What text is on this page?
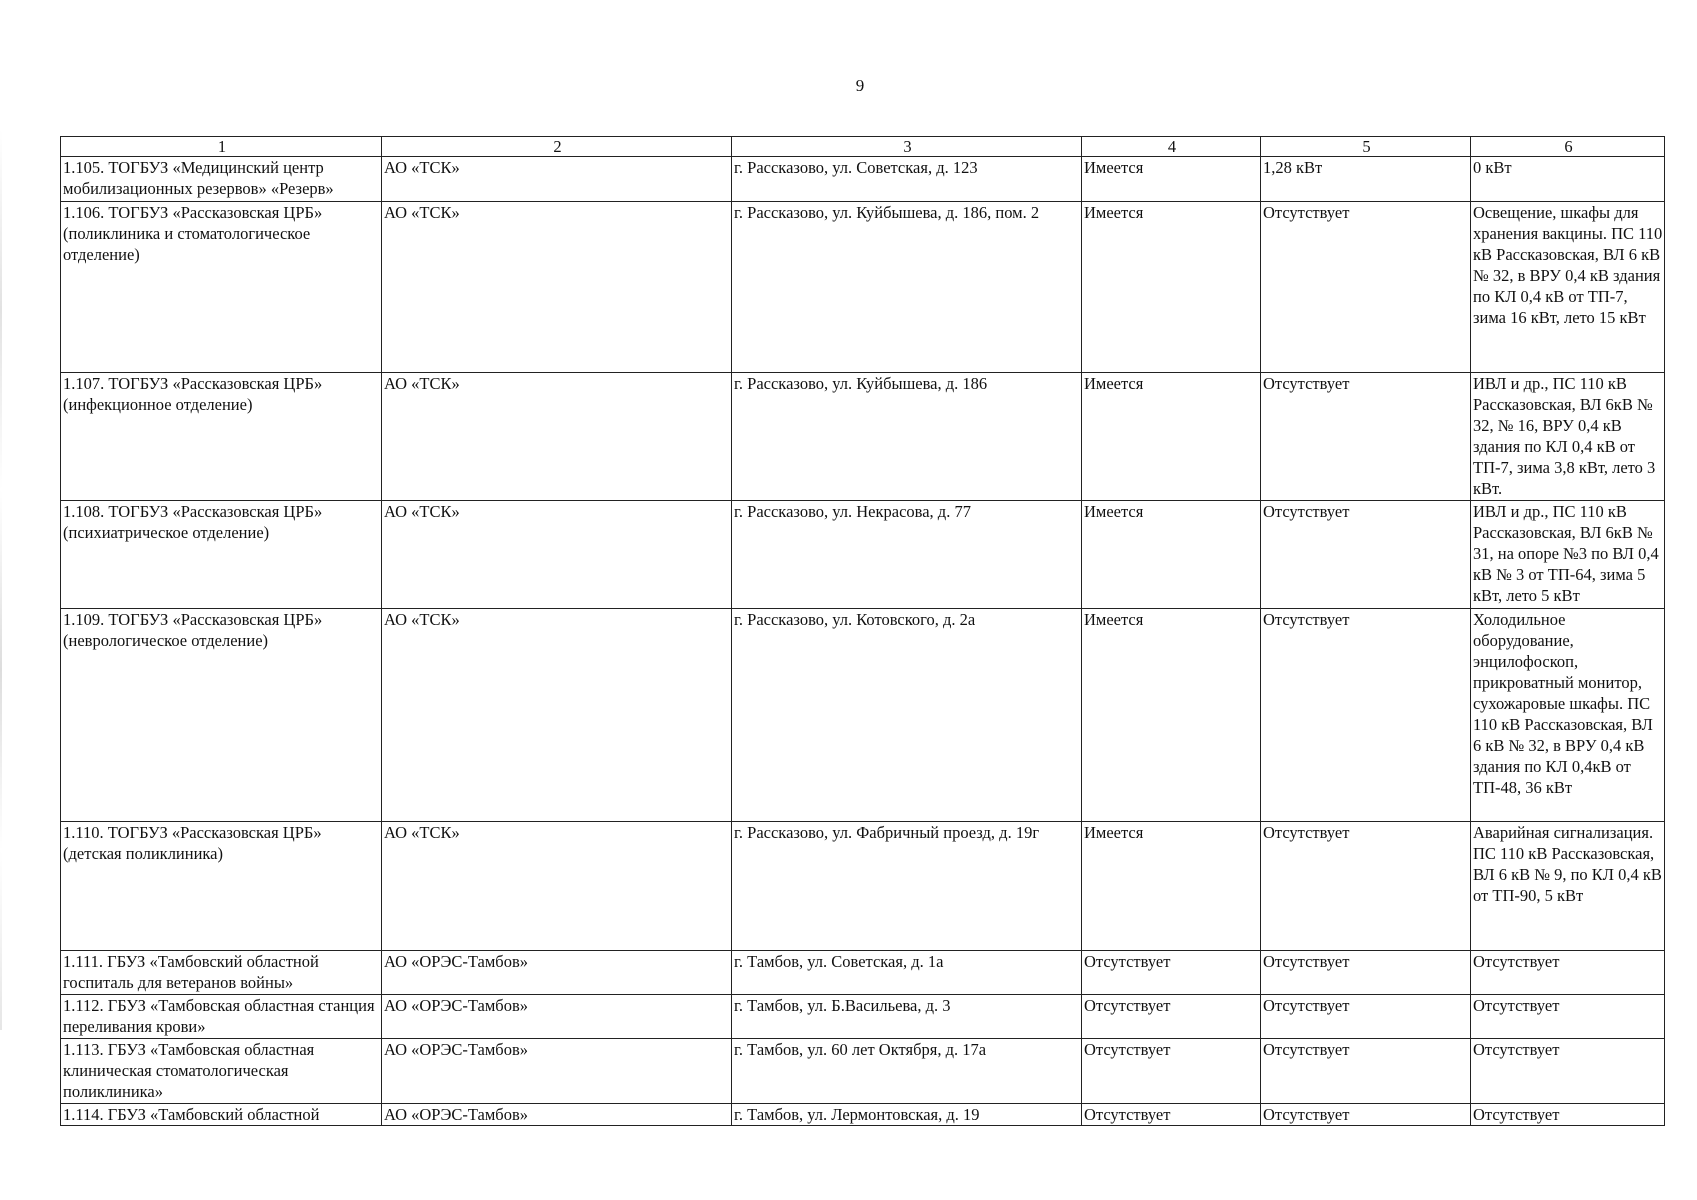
9
1	2	3	4	5	6
1.105. ТОГБУЗ «Медицинский центр мобилизационных резервов» «Резерв»	АО «ТСК»	г. Рассказово, ул. Советская, д. 123	Имеется	1,28 кВт	0 кВт
1.106. ТОГБУЗ «Рассказовская ЦРБ» (поликлиника и стоматологическое отделение)	АО «ТСК»	г. Рассказово, ул. Куйбышева, д. 186, пом. 2	Имеется	Отсутствует	Освещение, шкафы для хранения вакцины. ПС 110 кВ Рассказовская, ВЛ 6 кВ № 32, в ВРУ 0,4 кВ здания по КЛ 0,4 кВ от ТП-7, зима 16 кВт, лето 15 кВт
1.107. ТОГБУЗ «Рассказовская ЦРБ» (инфекционное отделение)	АО «ТСК»	г. Рассказово, ул. Куйбышева, д. 186	Имеется	Отсутствует	ИВЛ и др., ПС 110 кВ Рассказовская, ВЛ 6кВ № 32, № 16, ВРУ 0,4 кВ здания по КЛ 0,4 кВ от ТП-7, зима 3,8 кВт, лето 3 кВт.
1.108. ТОГБУЗ «Рассказовская ЦРБ» (психиатрическое отделение)	АО «ТСК»	г. Рассказово, ул. Некрасова, д. 77	Имеется	Отсутствует	ИВЛ и др., ПС 110 кВ Рассказовская, ВЛ 6кВ № 31, на опоре №3 по ВЛ 0,4 кВ № 3 от ТП-64, зима 5 кВт, лето 5 кВт
1.109. ТОГБУЗ «Рассказовская ЦРБ» (неврологическое отделение)	АО «ТСК»	г. Рассказово, ул. Котовского, д. 2а	Имеется	Отсутствует	Холодильное оборудование, энцилофоскоп, прикроватный монитор, сухожаровые шкафы. ПС 110 кВ Рассказовская, ВЛ 6 кВ № 32, в ВРУ 0,4 кВ здания по КЛ 0,4кВ от ТП-48, 36 кВт
1.110. ТОГБУЗ «Рассказовская ЦРБ» (детская поликлиника)	АО «ТСК»	г. Рассказово, ул. Фабричный проезд, д. 19г	Имеется	Отсутствует	Аварийная сигнализация. ПС 110 кВ Рассказовская, ВЛ 6 кВ № 9, по КЛ 0,4 кВ от ТП-90, 5 кВт
1.111. ГБУЗ «Тамбовский областной госпиталь для ветеранов войны»	АО «ОРЭС-Тамбов»	г. Тамбов, ул. Советская, д. 1а	Отсутствует	Отсутствует	Отсутствует
1.112. ГБУЗ «Тамбовская областная станция переливания крови»	АО «ОРЭС-Тамбов»	г. Тамбов, ул. Б.Васильева, д. 3	Отсутствует	Отсутствует	Отсутствует
1.113. ГБУЗ «Тамбовская областная клиническая стоматологическая поликлиника»	АО «ОРЭС-Тамбов»	г. Тамбов, ул. 60 лет Октября, д. 17а	Отсутствует	Отсутствует	Отсутствует
1.114. ГБУЗ «Тамбовский областной	АО «ОРЭС-Тамбов»	г. Тамбов, ул. Лермонтовская, д. 19	Отсутствует	Отсутствует	Отсутствует
